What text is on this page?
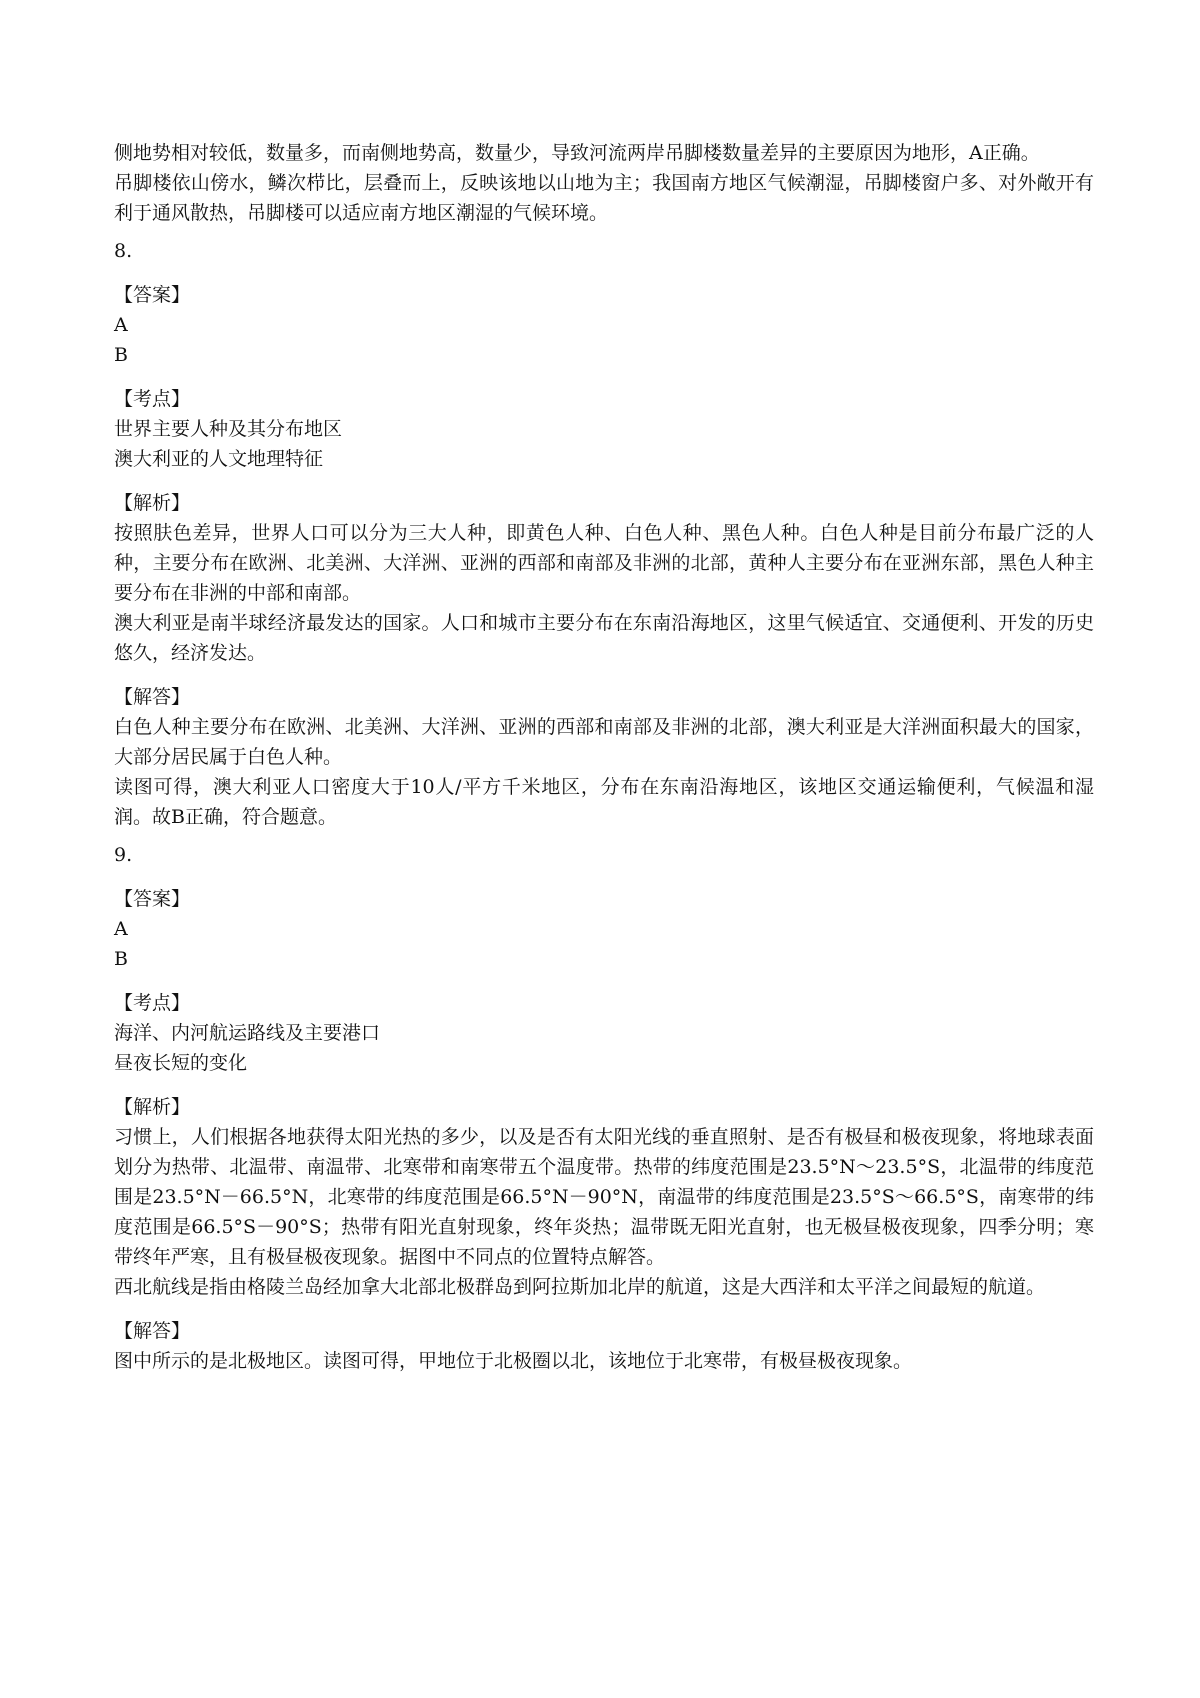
侧地势相对较低，数量多，而南侧地势高，数量少，导致河流两岸吊脚楼数量差异的主要原因为地形，A正确。

吊脚楼依山傍水，鳞次栉比，层叠而上，反映该地以山地为主；我国南方地区气候潮湿，吊脚楼窗户多、对外敞开有利于通风散热，吊脚楼可以适应南方地区潮湿的气候环境。

8.
【答案】
A
B
【考点】
世界主要人种及其分布地区
澳大利亚的人文地理特征
【解析】

按照肤色差异，世界人口可以分为三大人种，即黄色人种、白色人种、黑色人种。白色人种是目前分布最广泛的人种，主要分布在欧洲、北美洲、大洋洲、亚洲的西部和南部及非洲的北部，黄种人主要分布在亚洲东部，黑色人种主要分布在非洲的中部和南部。

澳大利亚是南半球经济最发达的国家。人口和城市主要分布在东南沿海地区，这里气候适宜、交通便利、开发的历史悠久，经济发达。

【解答】

白色人种主要分布在欧洲、北美洲、大洋洲、亚洲的西部和南部及非洲的北部，澳大利亚是大洋洲面积最大的国家，大部分居民属于白色人种。

读图可得，澳大利亚人口密度大于10人/平方千米地区，分布在东南沿海地区，该地区交通运输便利，气候温和湿润。故B正确，符合题意。

9.
【答案】
A
B
【考点】
海洋、内河航运路线及主要港口
昼夜长短的变化
【解析】

习惯上，人们根据各地获得太阳光热的多少，以及是否有太阳光线的垂直照射、是否有极昼和极夜现象，将地球表面划分为热带、北温带、南温带、北寒带和南寒带五个温度带。热带的纬度范围是23.5°N～23.5°S，北温带的纬度范围是23.5°N－66.5°N，北寒带的纬度范围是66.5°N－90°N，南温带的纬度范围是23.5°S～66.5°S，南寒带的纬度范围是66.5°S－90°S；热带有阳光直射现象，终年炎热；温带既无阳光直射，也无极昼极夜现象，四季分明；寒带终年严寒，且有极昼极夜现象。据图中不同点的位置特点解答。

西北航线是指由格陵兰岛经加拿大北部北极群岛到阿拉斯加北岸的航道，这是大西洋和太平洋之间最短的航道。

【解答】

图中所示的是北极地区。读图可得，甲地位于北极圈以北，该地位于北寒带，有极昼极夜现象。
